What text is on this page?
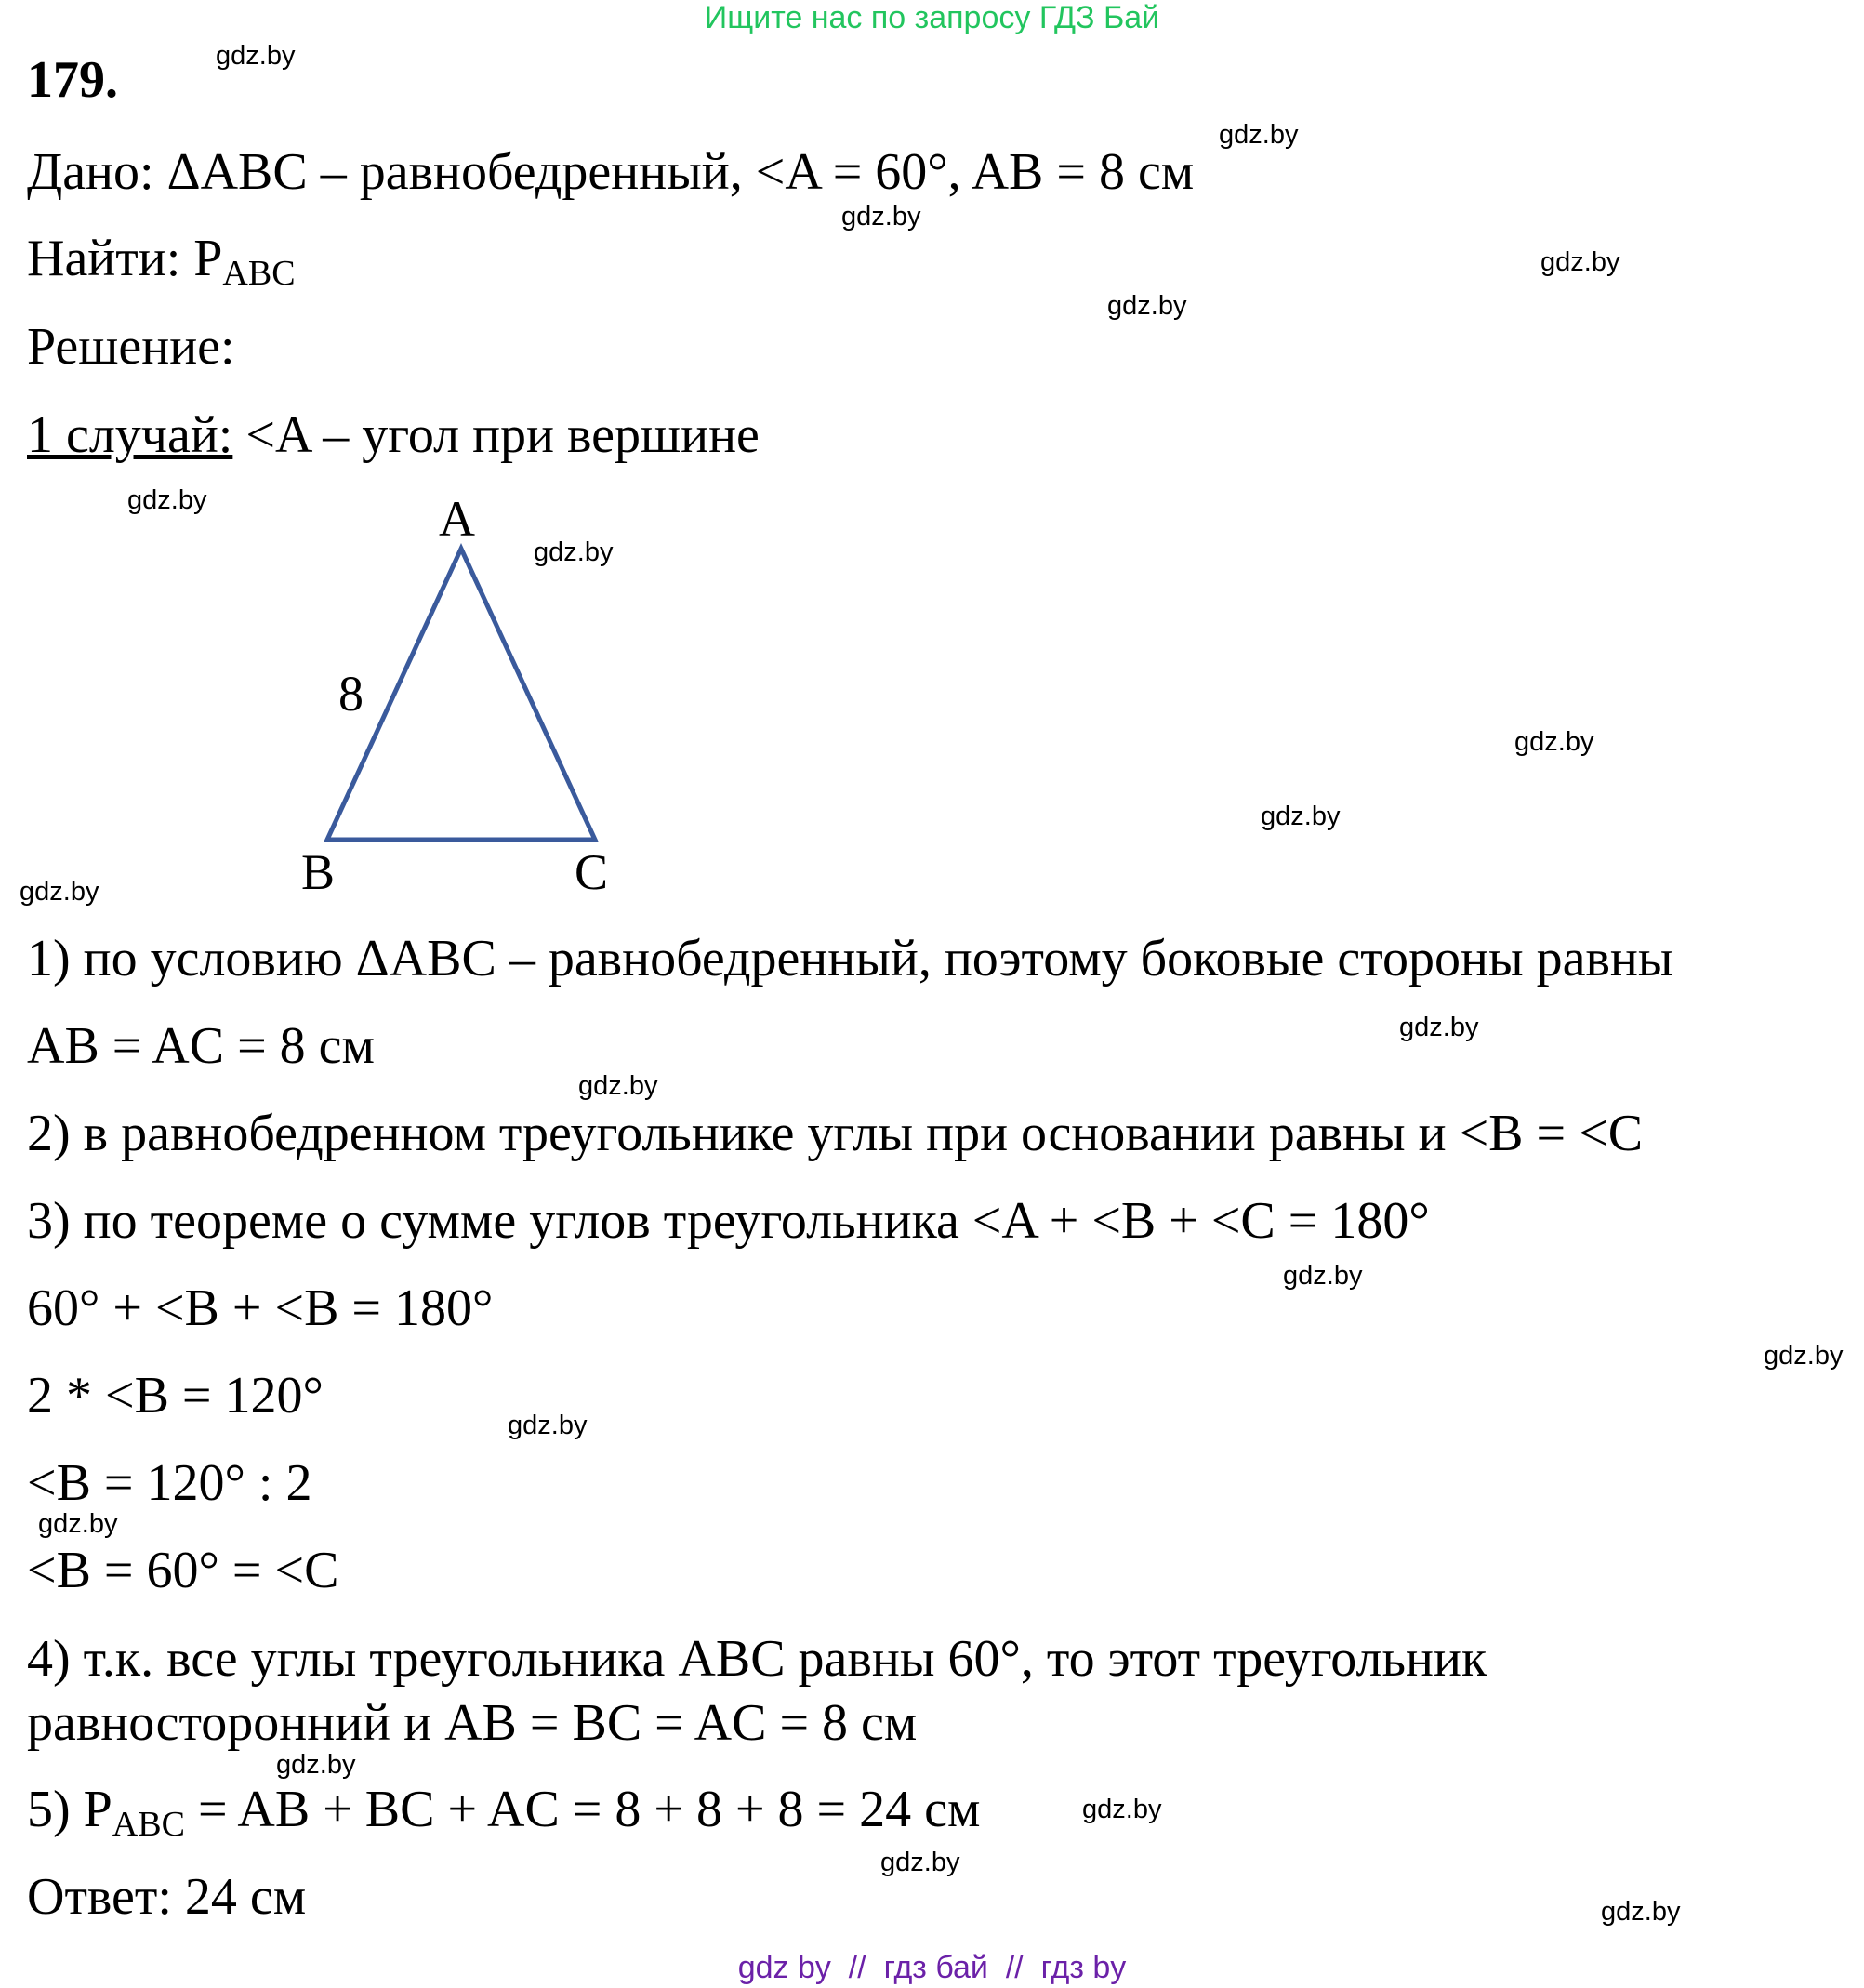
Ищите нас по запросу ГДЗ Бай
179.
Дано: ΔABC – равнобедренный, <A = 60°, AB = 8 см
Найти: $P_{ABC}$
Решение:
1 случай: <A – угол при вершине
A
B	C
8
1) по условию ΔABC – равнобедренный, поэтому боковые стороны равны
AB = AC = 8 см
2) в равнобедренном треугольнике углы при основании равны и <B = <C
3) по теореме о сумме углов треугольника <A + <B + <C = 180°
60° + <B + <B = 180°
2 * <B = 120°
<B = 120° : 2
<B = 60° = <C
4) т.к. все углы треугольника ABC равны 60°, то этот треугольник
равносторонний и AB = BC = AC = 8 см
5) $P_{ABC}$ = AB + BC + AC = 8 + 8 + 8 = 24 см
Ответ: 24 см
gdz.by
gdz.by
gdz.by
gdz.by
gdz.by
gdz.by
gdz.by
gdz.by
gdz.by
gdz.by
gdz.by
gdz.by
gdz.by
gdz.by
gdz.by
gdz.by
gdz.by
gdz.by
gdz.by
gdz.by
gdz by  //  гдз бай  //  гдз by
